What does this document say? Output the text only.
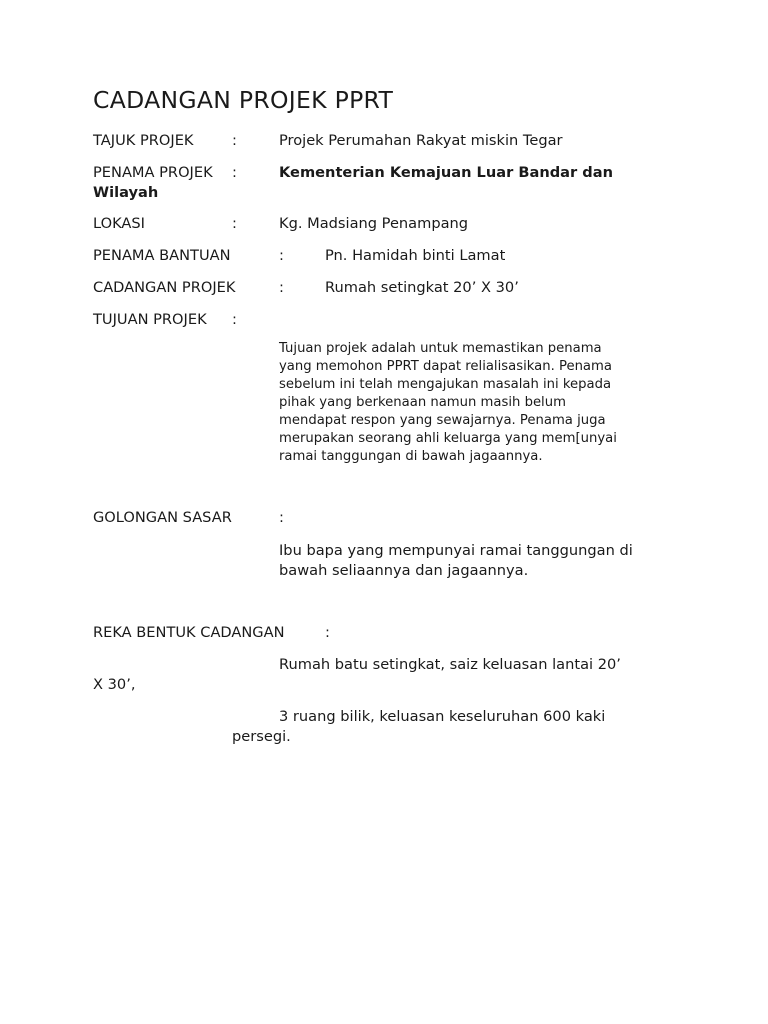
CADANGAN PROJEK PPRT
TAJUK PROJEK	:	Projek Perumahan Rakyat miskin Tegar
PENAMA PROJEK :	Kementerian Kemajuan Luar Bandar dan
Wilayah
LOKASI	:	Kg. Madsiang Penampang
PENAMA BANTUAN	:	Pn. Hamidah binti Lamat
CADANGAN PROJEK	:	Rumah setingkat 20’ X 30’
TUJUAN PROJEK :
Tujuan projek adalah untuk memastikan penama
yang memohon PPRT dapat relialisasikan. Penama
sebelum ini telah mengajukan masalah ini kepada
pihak yang berkenaan namun masih belum
mendapat respon yang sewajarnya. Penama juga
merupakan seorang ahli keluarga yang mem[unyai
ramai tanggungan di bawah jagaannya.
GOLONGAN SASAR	:
Ibu bapa yang mempunyai ramai tanggungan di
bawah seliaannya dan jagaannya.
REKA BENTUK CADANGAN	:
Rumah batu setingkat, saiz keluasan lantai 20’
X 30’,
3 ruang bilik, keluasan keseluruhan 600 kaki
persegi.
